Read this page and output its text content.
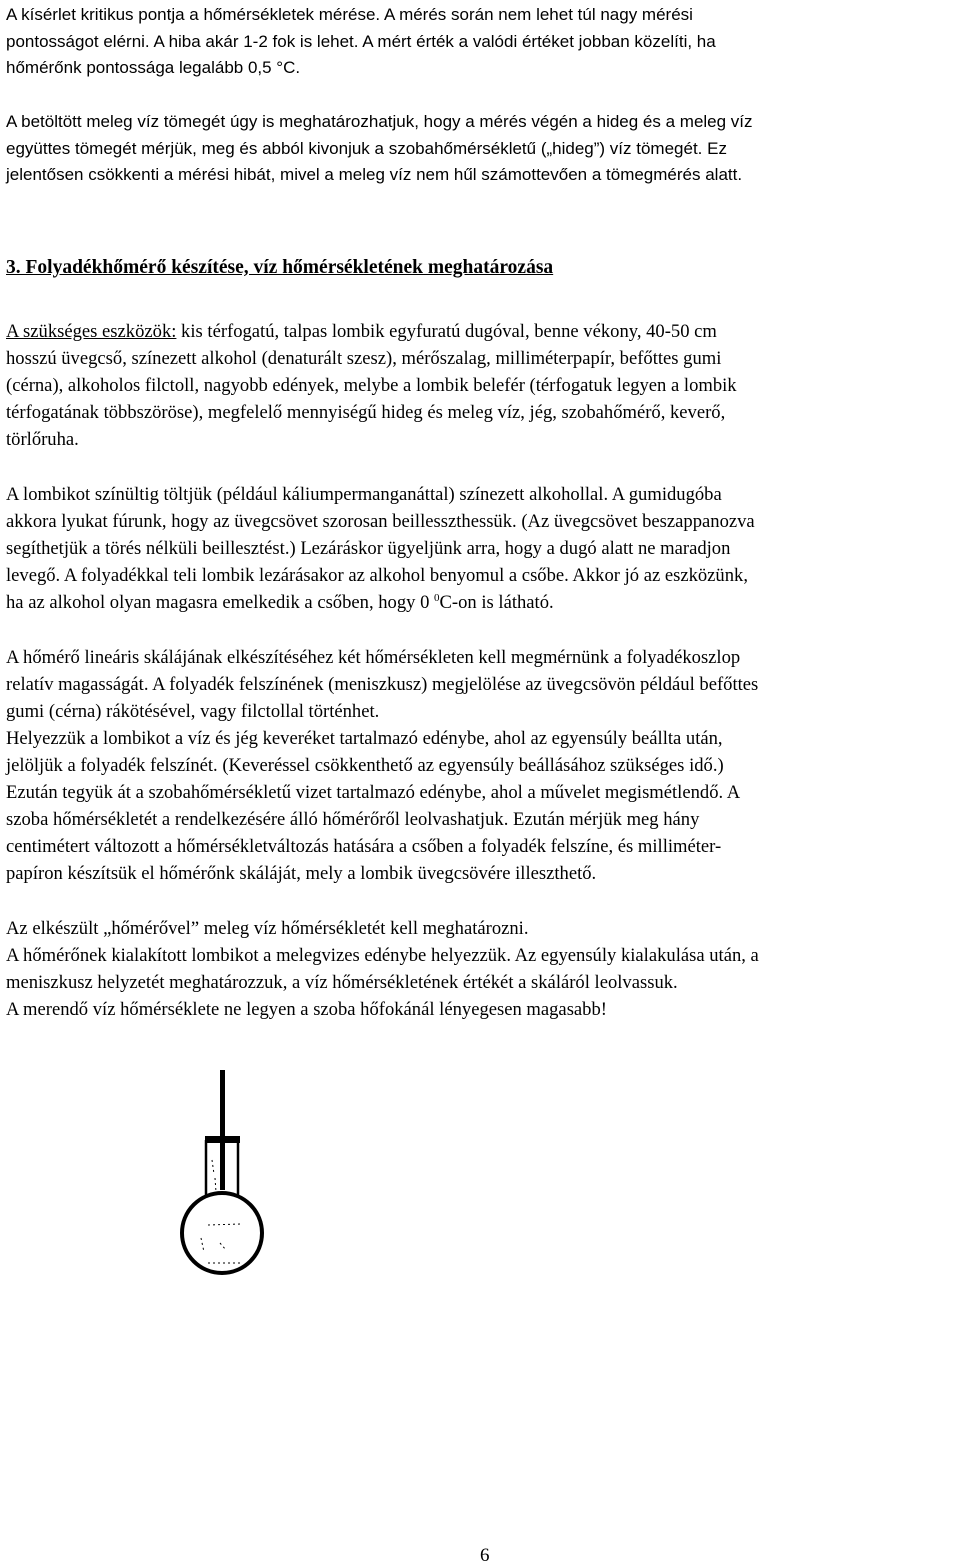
A kísérlet kritikus pontja a hőmérsékletek mérése. A mérés során nem lehet túl nagy mérési
pontosságot elérni. A hiba akár 1-2 fok is lehet. A mért érték a valódi értéket jobban közelíti, ha
hőmérőnk pontossága legalább 0,5 °C.

A betöltött meleg víz tömegét úgy is meghatározhatjuk, hogy a mérés végén a hideg és a meleg víz
együttes tömegét mérjük, meg és abból kivonjuk a szobahőmérsékletű („hideg”) víz tömegét. Ez
jelentősen csökkenti a mérési hibát, mivel a meleg víz nem hűl számottevően a tömegmérés alatt.

3. Folyadékhőmérő készítése, víz hőmérsékletének meghatározása

A szükséges eszközök: kis térfogatú, talpas lombik egyfuratú dugóval, benne vékony, 40-50 cm
hosszú üvegcső, színezett alkohol (denaturált szesz), mérőszalag, milliméterpapír, befőttes gumi
(cérna), alkoholos filctoll, nagyobb edények, melybe a lombik belefér (térfogatuk legyen a lombik
térfogatának többszöröse), megfelelő mennyiségű hideg és meleg víz, jég, szobahőmérő, keverő,
törlőruha.

A lombikot színültig töltjük (például káliumpermanganáttal) színezett alkohollal. A gumidugóba
akkora lyukat fúrunk, hogy az üvegcsövet szorosan beillesszthessük. (Az üvegcsövet beszappanozva
segíthetjük a törés nélküli beillesztést.) Lezáráskor ügyeljünk arra, hogy a dugó alatt ne maradjon
levegő. A folyadékkal teli lombik lezárásakor az alkohol benyomul a csőbe. Akkor jó az eszközünk,
ha az alkohol olyan magasra emelkedik a csőben, hogy 0 $^0$C-on is látható.

A hőmérő lineáris skálájának elkészítéséhez két hőmérsékleten kell megmérnünk a folyadékoszlop
relatív magasságát. A folyadék felszínének (meniszkusz) megjelölése az üvegcsövön például befőttes
gumi (cérna) rákötésével, vagy filctollal történhet.
Helyezzük a lombikot a víz és jég keveréket tartalmazó edénybe, ahol az egyensúly beállta után,
jelöljük a folyadék felszínét. (Keveréssel csökkenthető az egyensúly beállásához szükséges idő.)
Ezután tegyük át a szobahőmérsékletű vizet tartalmazó edénybe, ahol a művelet megismétlendő. A
szoba hőmérsékletét a rendelkezésére álló hőmérőről leolvashatjuk. Ezután mérjük meg hány
centimétert változott a hőmérsékletváltozás hatására a csőben a folyadék felszíne, és milliméter-
papíron készítsük el hőmérőnk skáláját, mely a lombik üvegcsövére illeszthető.

Az elkészült „hőmérővel” meleg víz hőmérsékletét kell meghatározni.
A hőmérőnek kialakított lombikot a melegvizes edénybe helyezzük. Az egyensúly kialakulása után, a
meniszkusz helyzetét meghatározzuk, a víz hőmérsékletének értékét a skáláról leolvassuk.
A merendő víz hőmérséklete ne legyen a szoba hőfokánál lényegesen magasabb!

6
